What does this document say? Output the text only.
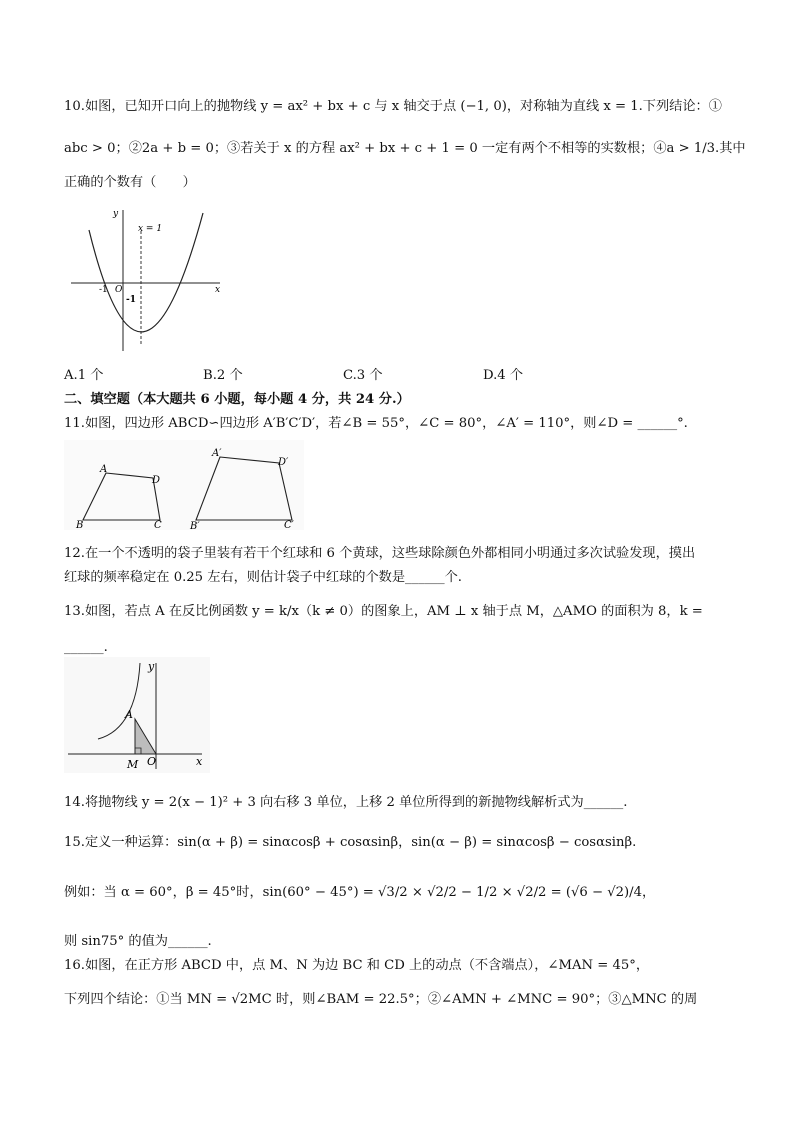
10.如图，已知开口向上的抛物线 y = ax² + bx + c 与 x 轴交于点 (−1, 0)，对称轴为直线 x = 1.下列结论：①
abc > 0；②2a + b = 0；③若关于 x 的方程 ax² + bx + c + 1 = 0 一定有两个不相等的实数根；④a > 1/3.其中
正确的个数有（　　）
x = 1
x
y
O
-1
-1
A.1 个	B.2 个	C.3 个	D.4 个
二、填空题（本大题共 6 小题，每小题 4 分，共 24 分.）
11.如图，四边形 ABCD∽四边形 A′B′C′D′，若∠B = 55°，∠C = 80°，∠A′ = 110°，则∠D = ______°.
A
B	C
D
A′
B′	C′
D′
12.在一个不透明的袋子里装有若干个红球和 6 个黄球，这些球除颜色外都相同小明通过多次试验发现，摸出
红球的频率稳定在 0.25 左右，则估计袋子中红球的个数是______个.
13.如图，若点 A 在反比例函数 y = k/x（k ≠ 0）的图象上，AM ⊥ x 轴于点 M，△AMO 的面积为 8，k =
______.
A
M O	x
y
14.将抛物线 y = 2(x − 1)² + 3 向右移 3 单位，上移 2 单位所得到的新抛物线解析式为______.
15.定义一种运算：sin(α + β) = sinαcosβ + cosαsinβ，sin(α − β) = sinαcosβ − cosαsinβ.
例如：当 α = 60°，β = 45°时，sin(60° − 45°) = √3/2 × √2/2 − 1/2 × √2/2 = (√6 − √2)/4，
则 sin75° 的值为______.
16.如图，在正方形 ABCD 中，点 M、N 为边 BC 和 CD 上的动点（不含端点），∠MAN = 45°，
下列四个结论：①当 MN = √2MC 时，则∠BAM = 22.5°；②∠AMN + ∠MNC = 90°；③△MNC 的周
